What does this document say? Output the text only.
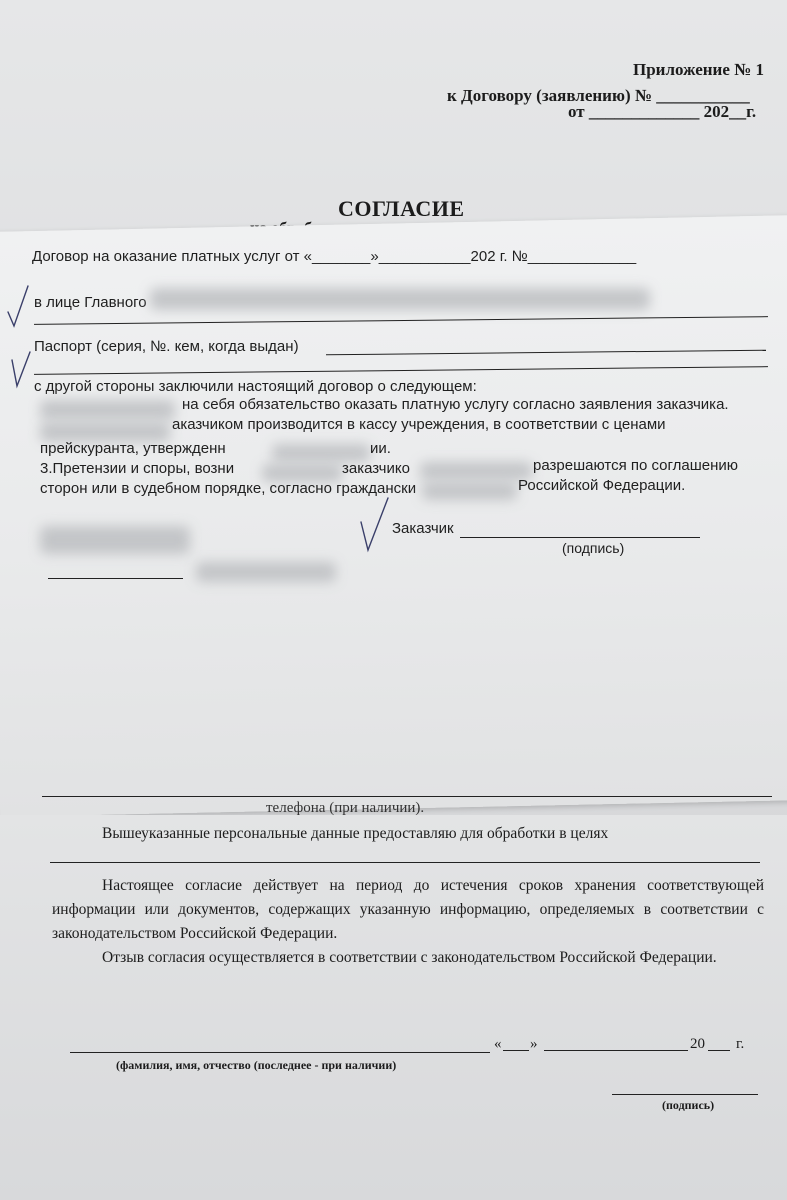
Приложение № 1
к Договору (заявлению) № ___________
от _____________ 202__г.
СОГЛАСИЕ
Договор на оказание платных услуг от «_______»___________202 г. №_____________
в лице Главного
Паспорт (серия, №. кем, когда выдан)
с другой стороны заключили настоящий договор о следующем:
на себя обязательство оказать платную услугу согласно заявления заказчика.
аказчиком производится в кассу учреждения, в соответствии с ценами
прейскуранта, утвержденн	ии.
3.Претензии и споры, возни	заказчико	разрешаются по соглашению
сторон или в судебном порядке, согласно граждански	Российской Федерации.
Заказчик
(подпись)
телефона (при наличии).
Вышеуказанные персональные данные предоставляю для обработки в целях
Настоящее согласие действует на период до истечения сроков хранения соответствующей информации или документов, содержащих указанную информацию, определяемых в соответствии с законодательством Российской Федерации.
Отзыв согласия осуществляется в соответствии с законодательством Российской Федерации.
« »	20 г.
(фамилия, имя, отчество (последнее - при наличии)
(подпись)
